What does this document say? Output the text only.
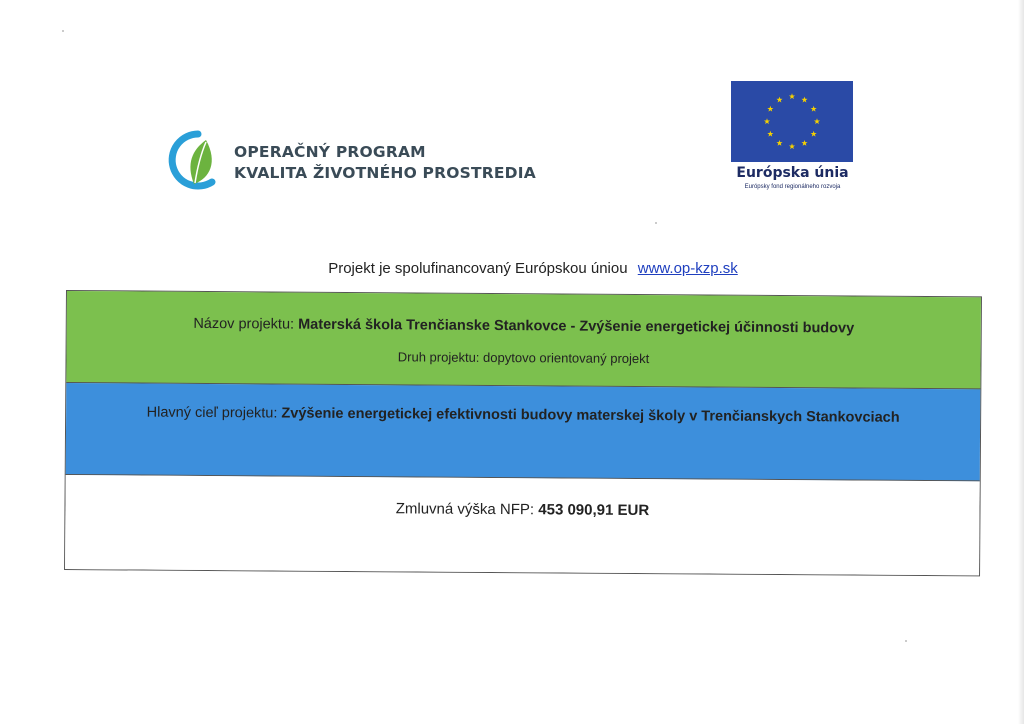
OPERAČNÝ PROGRAM
KVALITA ŽIVOTNÉHO PROSTREDIA	Európska únia
Európsky fond regionálneho rozvoja
Projekt je spolufinancovaný Európskou úniou www.op-kzp.sk
Názov projektu: Materská škola Trenčianske Stankovce - Zvýšenie energetickej účinnosti budovy
Druh projektu: dopytovo orientovaný projekt
Hlavný cieľ projektu: Zvýšenie energetickej efektivnosti budovy materskej školy v Trenčianskych Stankovciach
Zmluvná výška NFP: 453 090,91 EUR
